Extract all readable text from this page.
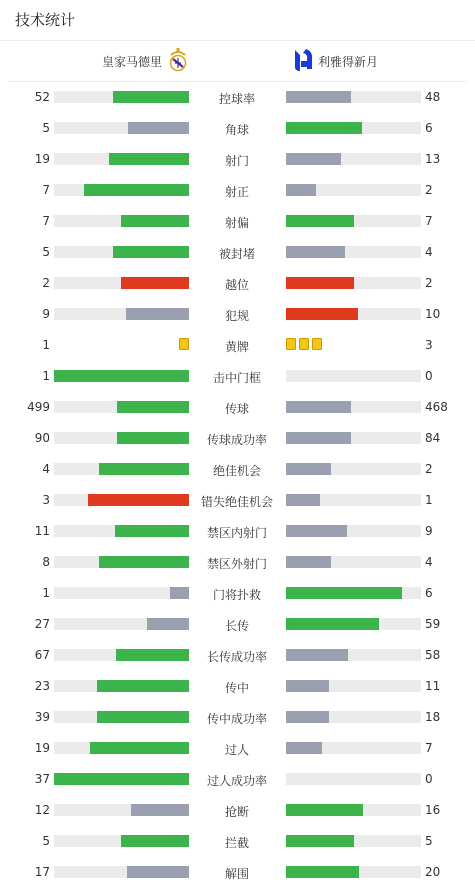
技术统计
皇家马德里	利雅得新月
52	控球率	48
5	角球	6
19	射门	13
7	射正	2
7	射偏	7
5	被封堵	4
2	越位	2
9	犯规	10
1	黄牌	3
1	击中门框	0
499	传球	468
90	传球成功率	84
4	绝佳机会	2
3	错失绝佳机会	1
11	禁区内射门	9
8	禁区外射门	4
1	门将扑救	6
27	长传	59
67	长传成功率	58
23	传中	11
39	传中成功率	18
19	过人	7
37	过人成功率	0
12	抢断	16
5	拦截	5
17	解围	20
